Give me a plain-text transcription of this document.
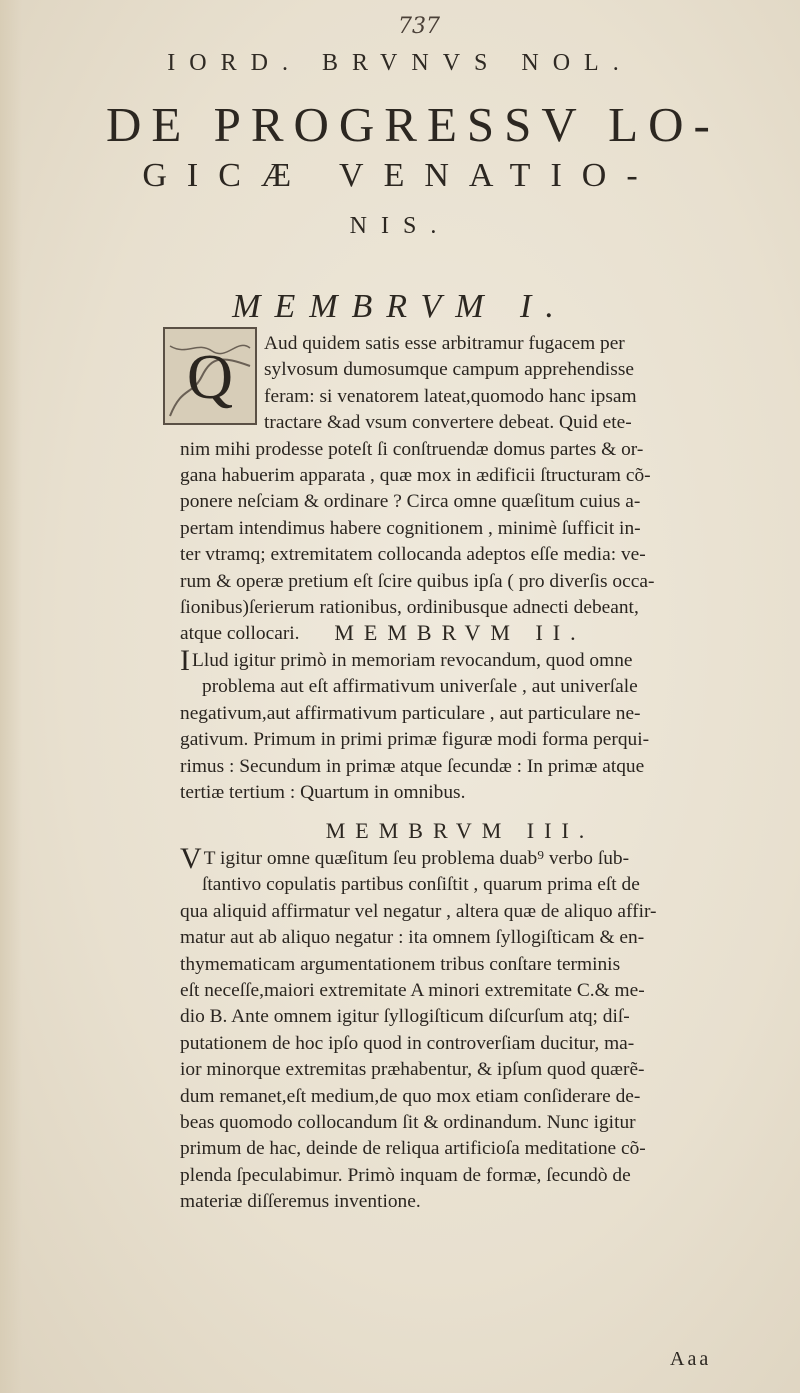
737
IORD. BRVNVS NOL.
DE PROGRESSV LO-
GICÆ VENATIO-
NIS.
MEMBRVM I.
Q	Aud quidem satis esse arbitramur fugacem per
sylvosum dumosumque campum apprehendisse
feram: si venatorem lateat,quomodo hanc ipsam
tractare &ad vsum convertere debeat. Quid ete-
nim mihi prodesse poteſt ſi conſtruendæ domus partes & or-
gana habuerim apparata , quæ mox in ædificii ſtructuram cõ-
ponere neſciam & ordinare ? Circa omne quæſitum cuius a-
pertam intendimus habere cognitionem , minimè ſufficit in-
ter vtramq; extremitatem collocanda adeptos eſſe media: ve-
rum & operæ pretium eſt ſcire quibus ipſa ( pro diverſis occa-
ſionibus)ſerierum rationibus, ordinibusque adnecti debeant,
atque collocari.	MEMBRVM II.
I Llud igitur primò in memoriam revocandum, quod omne
problema aut eſt affirmativum univerſale , aut univerſale
negativum,aut affirmativum particulare , aut particulare ne-
gativum. Primum in primi primæ figuræ modi forma perqui-
rimus : Secundum in primæ atque ſecundæ : In primæ atque
tertiæ tertium : Quartum in omnibus.
MEMBRVM III.
V T igitur omne quæſitum ſeu problema duab⁹ verbo ſub-
ſtantivo copulatis partibus conſiſtit , quarum prima eſt de
qua aliquid affirmatur vel negatur , altera quæ de aliquo affir-
matur aut ab aliquo negatur : ita omnem ſyllogiſticam & en-
thymematicam argumentationem tribus conſtare terminis
eſt neceſſe,maiori extremitate A minori extremitate C.& me-
dio B. Ante omnem igitur ſyllogiſticum diſcurſum atq; diſ-
putationem de hoc ipſo quod in controverſiam ducitur, ma-
ior minorque extremitas præhabentur, & ipſum quod quærẽ-
dum remanet,eſt medium,de quo mox etiam conſiderare de-
beas quomodo collocandum ſit & ordinandum. Nunc igitur
primum de hac, deinde de reliqua artificioſa meditatione cõ-
plenda ſpeculabimur. Primò inquam de formæ, ſecundò de
materiæ diſſeremus inventione.
Aaa
